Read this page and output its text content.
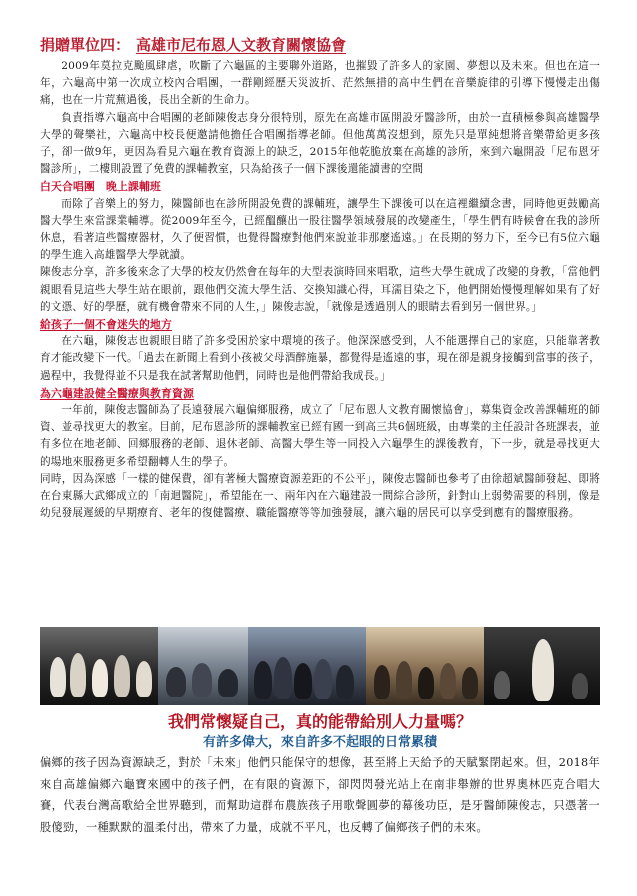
捐贈單位四： 高雄市尼布恩人文教育關懷協會

2009年莫拉克颱風肆虐，吹斷了六龜區的主要聯外道路，也摧毀了許多人的家園、夢想以及未來。但也在這一年，六龜高中第一次成立校內合唱團，一群剛經歷天災波折、茫然無措的高中生們在音樂旋律的引導下慢慢走出傷痛，也在一片荒蕪過後，長出全新的生命力。

負責指導六龜高中合唱團的老師陳俊志身分很特別，原先在高雄市區開設牙醫診所，由於一直積極參與高雄醫學大學的聲樂社，六龜高中校長便邀請他擔任合唱團指導老師。但他萬萬沒想到，原先只是單純想將音樂帶給更多孩子，卻一做9年，更因為看見六龜在教育資源上的缺乏，2015年他乾脆放棄在高雄的診所，來到六龜開設「尼布恩牙醫診所」，二樓則設置了免費的課輔教室，只為給孩子一個下課後還能讀書的空間

白天合唱團　晚上課輔班

而除了音樂上的努力，陳醫師也在診所開設免費的課輔班，讓學生下課後可以在這裡繼續念書，同時他更鼓勵高醫大學生來當課業輔導。從2009年至今，已經醞釀出一股往醫學領域發展的改變產生，「學生們有時候會在我的診所休息，看著這些醫療器材，久了便習慣，也覺得醫療對他們來說並非那麼遙遠。」在長期的努力下，至今已有5位六龜的學生進入高雄醫學大學就讀。

陳俊志分享，許多後來念了大學的校友仍然會在每年的大型表演時回來唱歌，這些大學生就成了改變的身教，「當他們親眼看見這些大學生站在眼前，跟他們交流大學生活、交換知識心得，耳濡目染之下，他們開始慢慢理解如果有了好的文憑、好的學歷，就有機會帶來不同的人生，」陳俊志說，「就像是透過別人的眼睛去看到另一個世界。」

給孩子一個不會迷失的地方

在六龜，陳俊志也親眼目睹了許多受困於家中環境的孩子。他深深感受到，人不能選擇自己的家庭，只能靠著教育才能改變下一代。「過去在新聞上看到小孩被父母酒醉施暴，都覺得是遙遠的事，現在卻是親身接觸到當事的孩子，過程中，我覺得並不只是我在試著幫助他們，同時也是他們帶給我成長。」

為六龜建設健全醫療與教育資源

一年前，陳俊志醫師為了長遠發展六龜偏鄉服務，成立了「尼布恩人文教育關懷協會」，募集資金改善課輔班的師資、並尋找更大的教室。目前，尼布恩診所的課輔教室已經有國一到高三共6個班級，由專業的主任設計各班課表，並有多位在地老師、回鄉服務的老師、退休老師、高醫大學生等一同投入六龜學生的課後教育，下一步，就是尋找更大的場地來服務更多希望翻轉人生的學子。

同時，因為深感「一樣的健保費，卻有著極大醫療資源差距的不公平」，陳俊志醫師也參考了由徐超斌醫師發起、即將在台東縣大武鄉成立的「南迴醫院」，希望能在一、兩年內在六龜建設一間綜合診所，針對山上弱勢需要的科別，像是幼兒發展遲緩的早期療育、老年的復健醫療、職能醫療等等加強發展，讓六龜的居民可以享受到應有的醫療服務。

我們常懷疑自己，真的能帶給別人力量嗎？
有許多偉大，來自許多不起眼的日常累積
偏鄉的孩子因為資源缺乏，對於「未來」他們只能保守的想像，甚至將上天給予的天賦緊閉起來。但，2018年來自高雄偏鄉六龜寶來國中的孩子們，在有限的資源下，卻閃閃發光站上在南非舉辦的世界奧林匹克合唱大賽，代表台灣高歌給全世界聽到，而幫助這群布農族孩子用歌聲圓夢的幕後功臣，是牙醫師陳俊志，只憑著一股傻勁，一種默默的溫柔付出，帶來了力量，成就不平凡，也反轉了偏鄉孩子們的未來。
